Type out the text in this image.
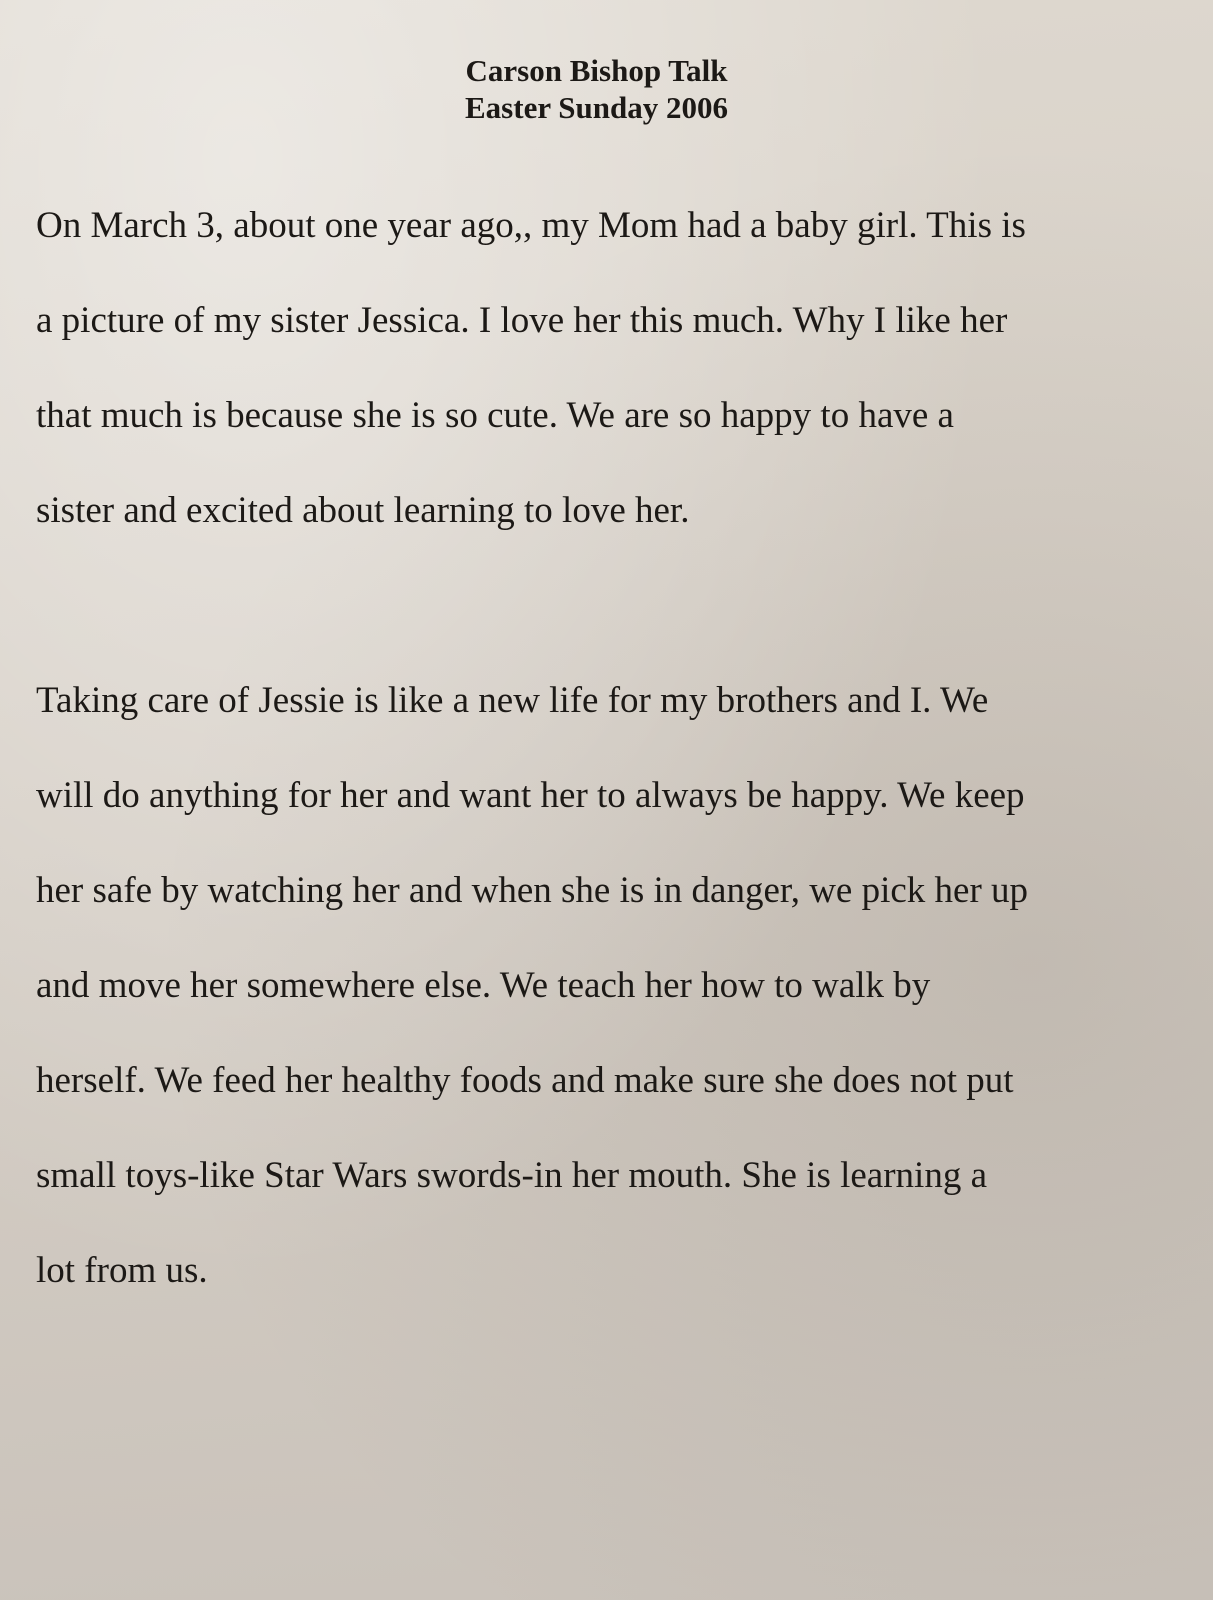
Carson Bishop Talk
Easter Sunday 2006
On March 3, about one year ago,, my Mom had a baby girl. This is
a picture of my sister Jessica. I love her this much. Why I like her
that much is because she is so cute. We are so happy to have a
sister and excited about learning to love her.
Taking care of Jessie is like a new life for my brothers and I. We
will do anything for her and want her to always be happy. We keep
her safe by watching her and when she is in danger, we pick her up
and move her somewhere else. We teach her how to walk by
herself. We feed her healthy foods and make sure she does not put
small toys-like Star Wars swords-in her mouth. She is learning a
lot from us.
